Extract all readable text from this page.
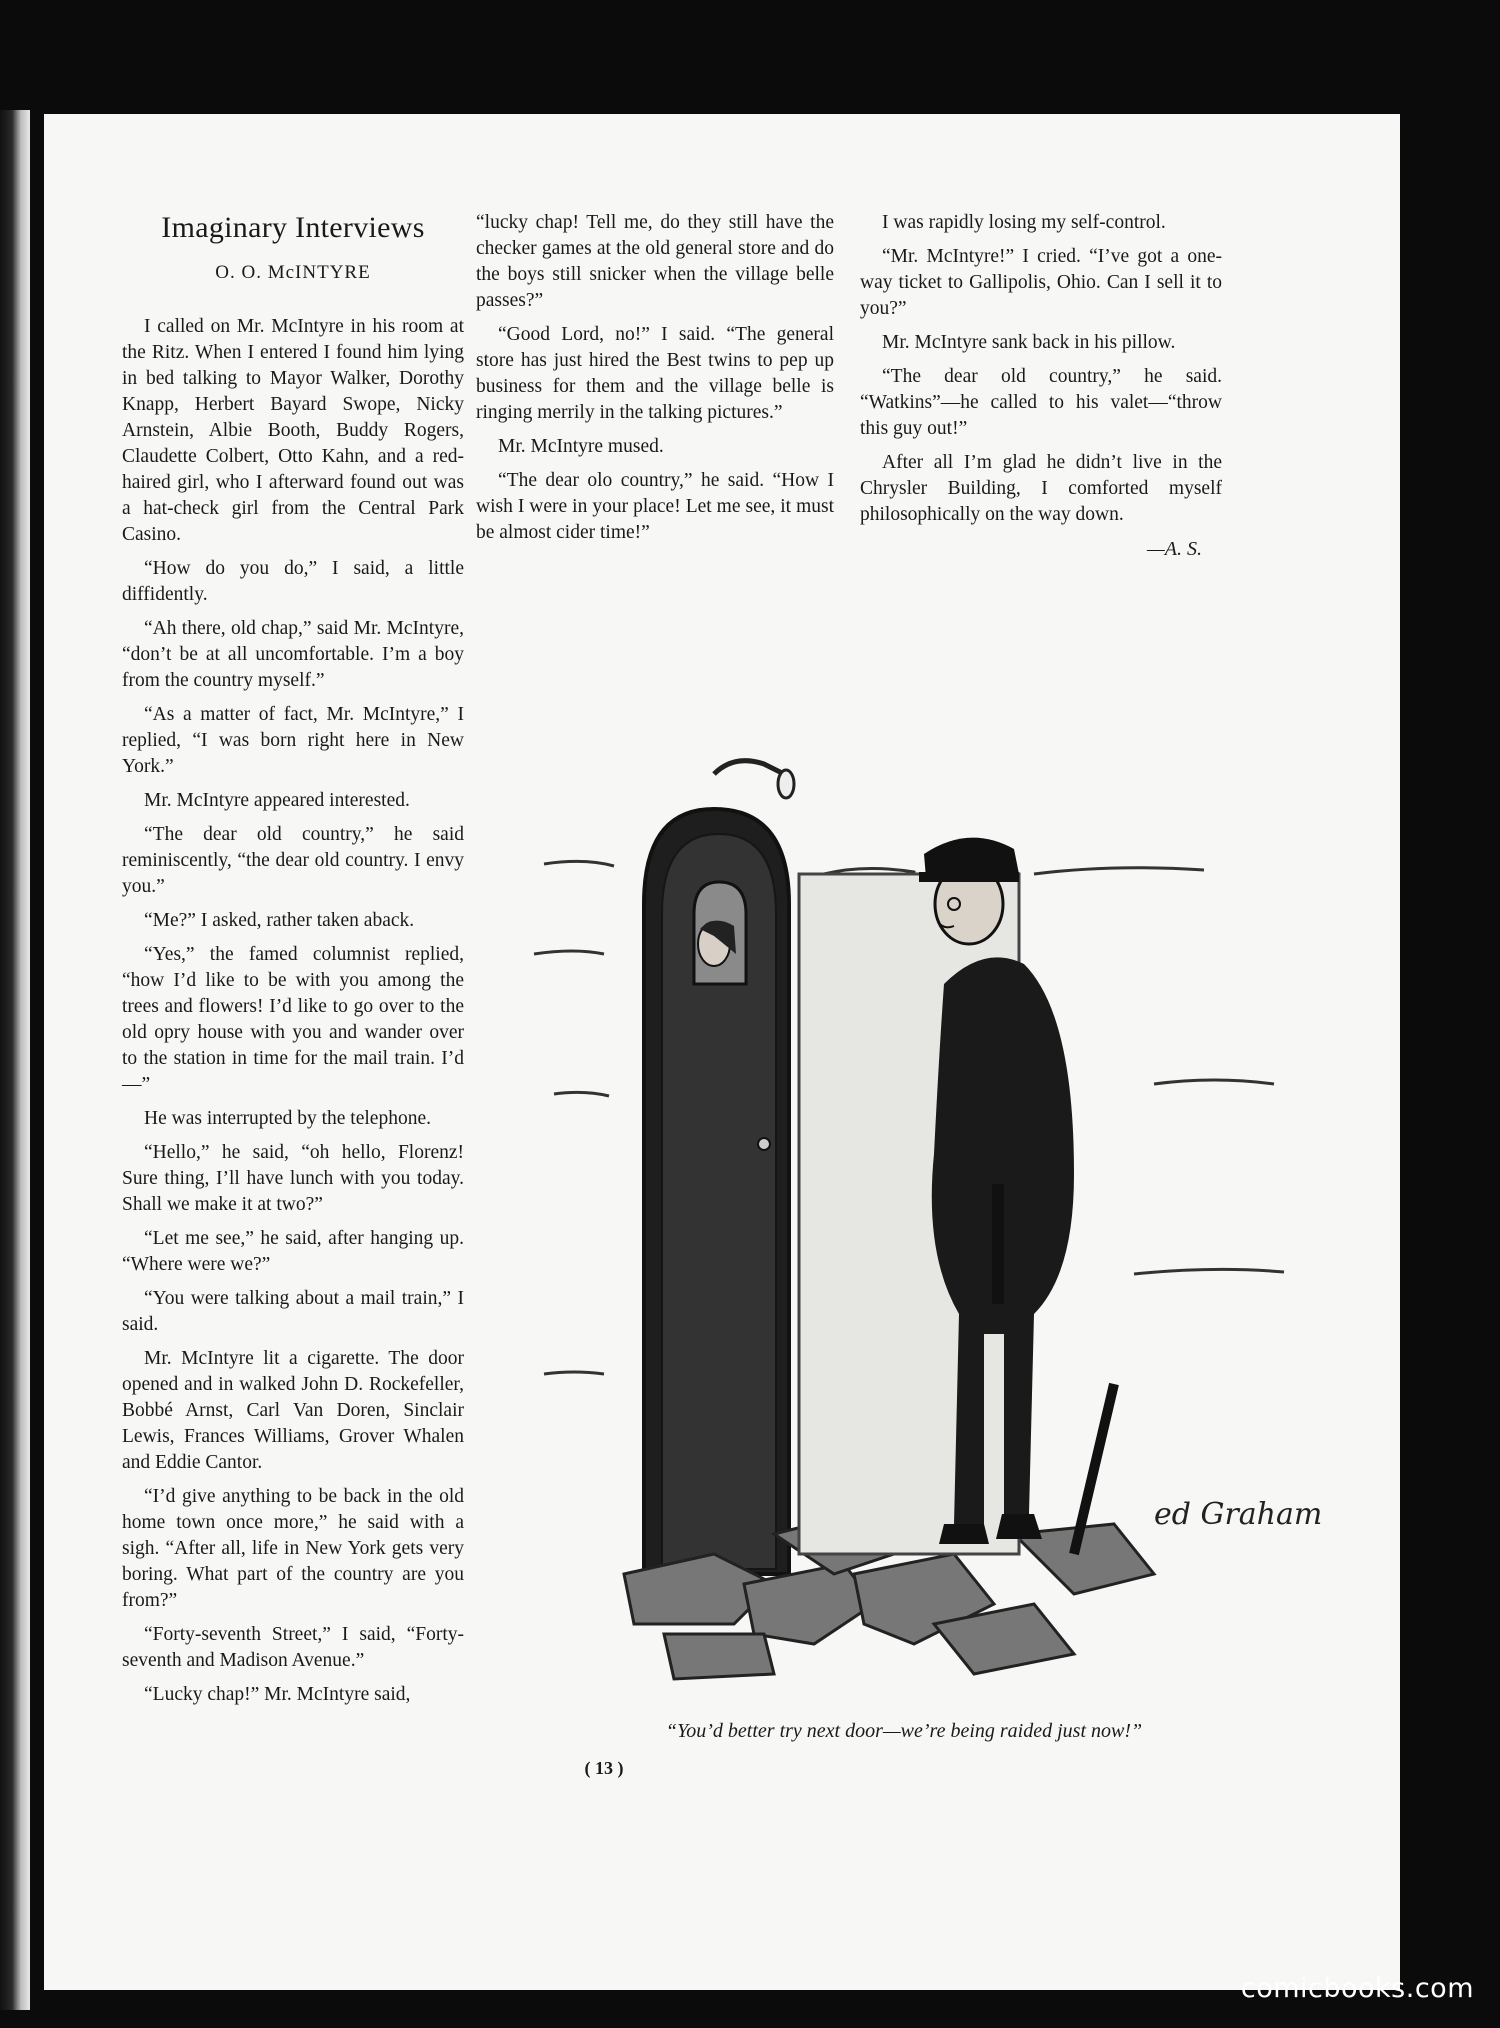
Imaginary Interviews
O. O. McINTYRE

I called on Mr. McIntyre in his room at the Ritz. When I entered I found him lying in bed talking to Mayor Walker, Dorothy Knapp, Herbert Bayard Swope, Nicky Arnstein, Albie Booth, Buddy Rogers, Claudette Colbert, Otto Kahn, and a red-haired girl, who I afterward found out was a hat-check girl from the Central Park Casino.

“How do you do,” I said, a little diffidently.

“Ah there, old chap,” said Mr. McIntyre, “don’t be at all uncomfortable. I’m a boy from the country myself.”

“As a matter of fact, Mr. McIntyre,” I replied, “I was born right here in New York.”

Mr. McIntyre appeared interested.

“The dear old country,” he said reminiscently, “the dear old country. I envy you.”

“Me?” I asked, rather taken aback.

“Yes,” the famed columnist replied, “how I’d like to be with you among the trees and flowers! I’d like to go over to the old opry house with you and wander over to the station in time for the mail train. I’d—”

He was interrupted by the telephone.

“Hello,” he said, “oh hello, Florenz! Sure thing, I’ll have lunch with you today. Shall we make it at two?”

“Let me see,” he said, after hanging up. “Where were we?”

“You were talking about a mail train,” I said.

Mr. McIntyre lit a cigarette. The door opened and in walked John D. Rockefeller, Bobbé Arnst, Carl Van Doren, Sinclair Lewis, Frances Williams, Grover Whalen and Eddie Cantor.

“I’d give anything to be back in the old home town once more,” he said with a sigh. “After all, life in New York gets very boring. What part of the country are you from?”

“Forty-seventh Street,” I said, “Forty-seventh and Madison Avenue.”

“Lucky chap!” Mr. McIntyre said,

“lucky chap! Tell me, do they still have the checker games at the old general store and do the boys still snicker when the village belle passes?”

“Good Lord, no!” I said. “The general store has just hired the Best twins to pep up business for them and the village belle is ringing merrily in the talking pictures.”

Mr. McIntyre mused.

“The dear olo country,” he said. “How I wish I were in your place! Let me see, it must be almost cider time!”

I was rapidly losing my self-control.

“Mr. McIntyre!” I cried. “I’ve got a one-way ticket to Gallipolis, Ohio. Can I sell it to you?”

Mr. McIntyre sank back in his pillow.

“The dear old country,” he said. “Watkins”—he called to his valet—“throw this guy out!”

After all I’m glad he didn’t live in the Chrysler Building, I comforted myself philosophically on the way down.

—A. S.
ed Graham
“You’d better try next door—we’re being raided just now!”
( 13 )
comicbooks.com
